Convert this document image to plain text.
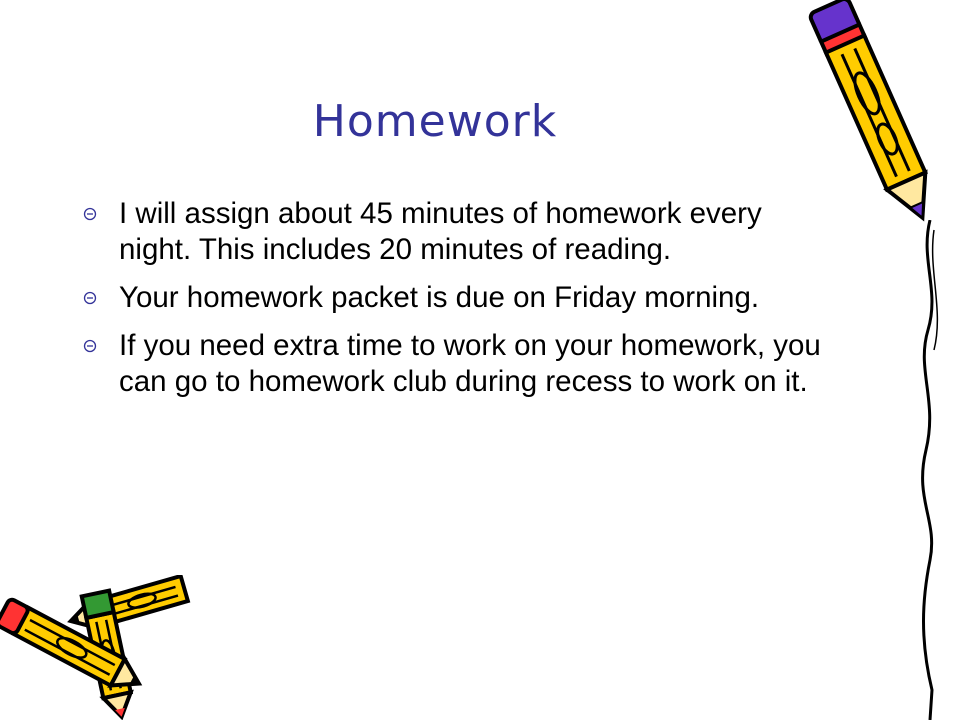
Homework
I will assign about 45 minutes of homework every night. This includes 20 minutes of reading.
Your homework packet is due on Friday morning.
If you need extra time to work on your homework, you can go to homework club during recess to work on it.
